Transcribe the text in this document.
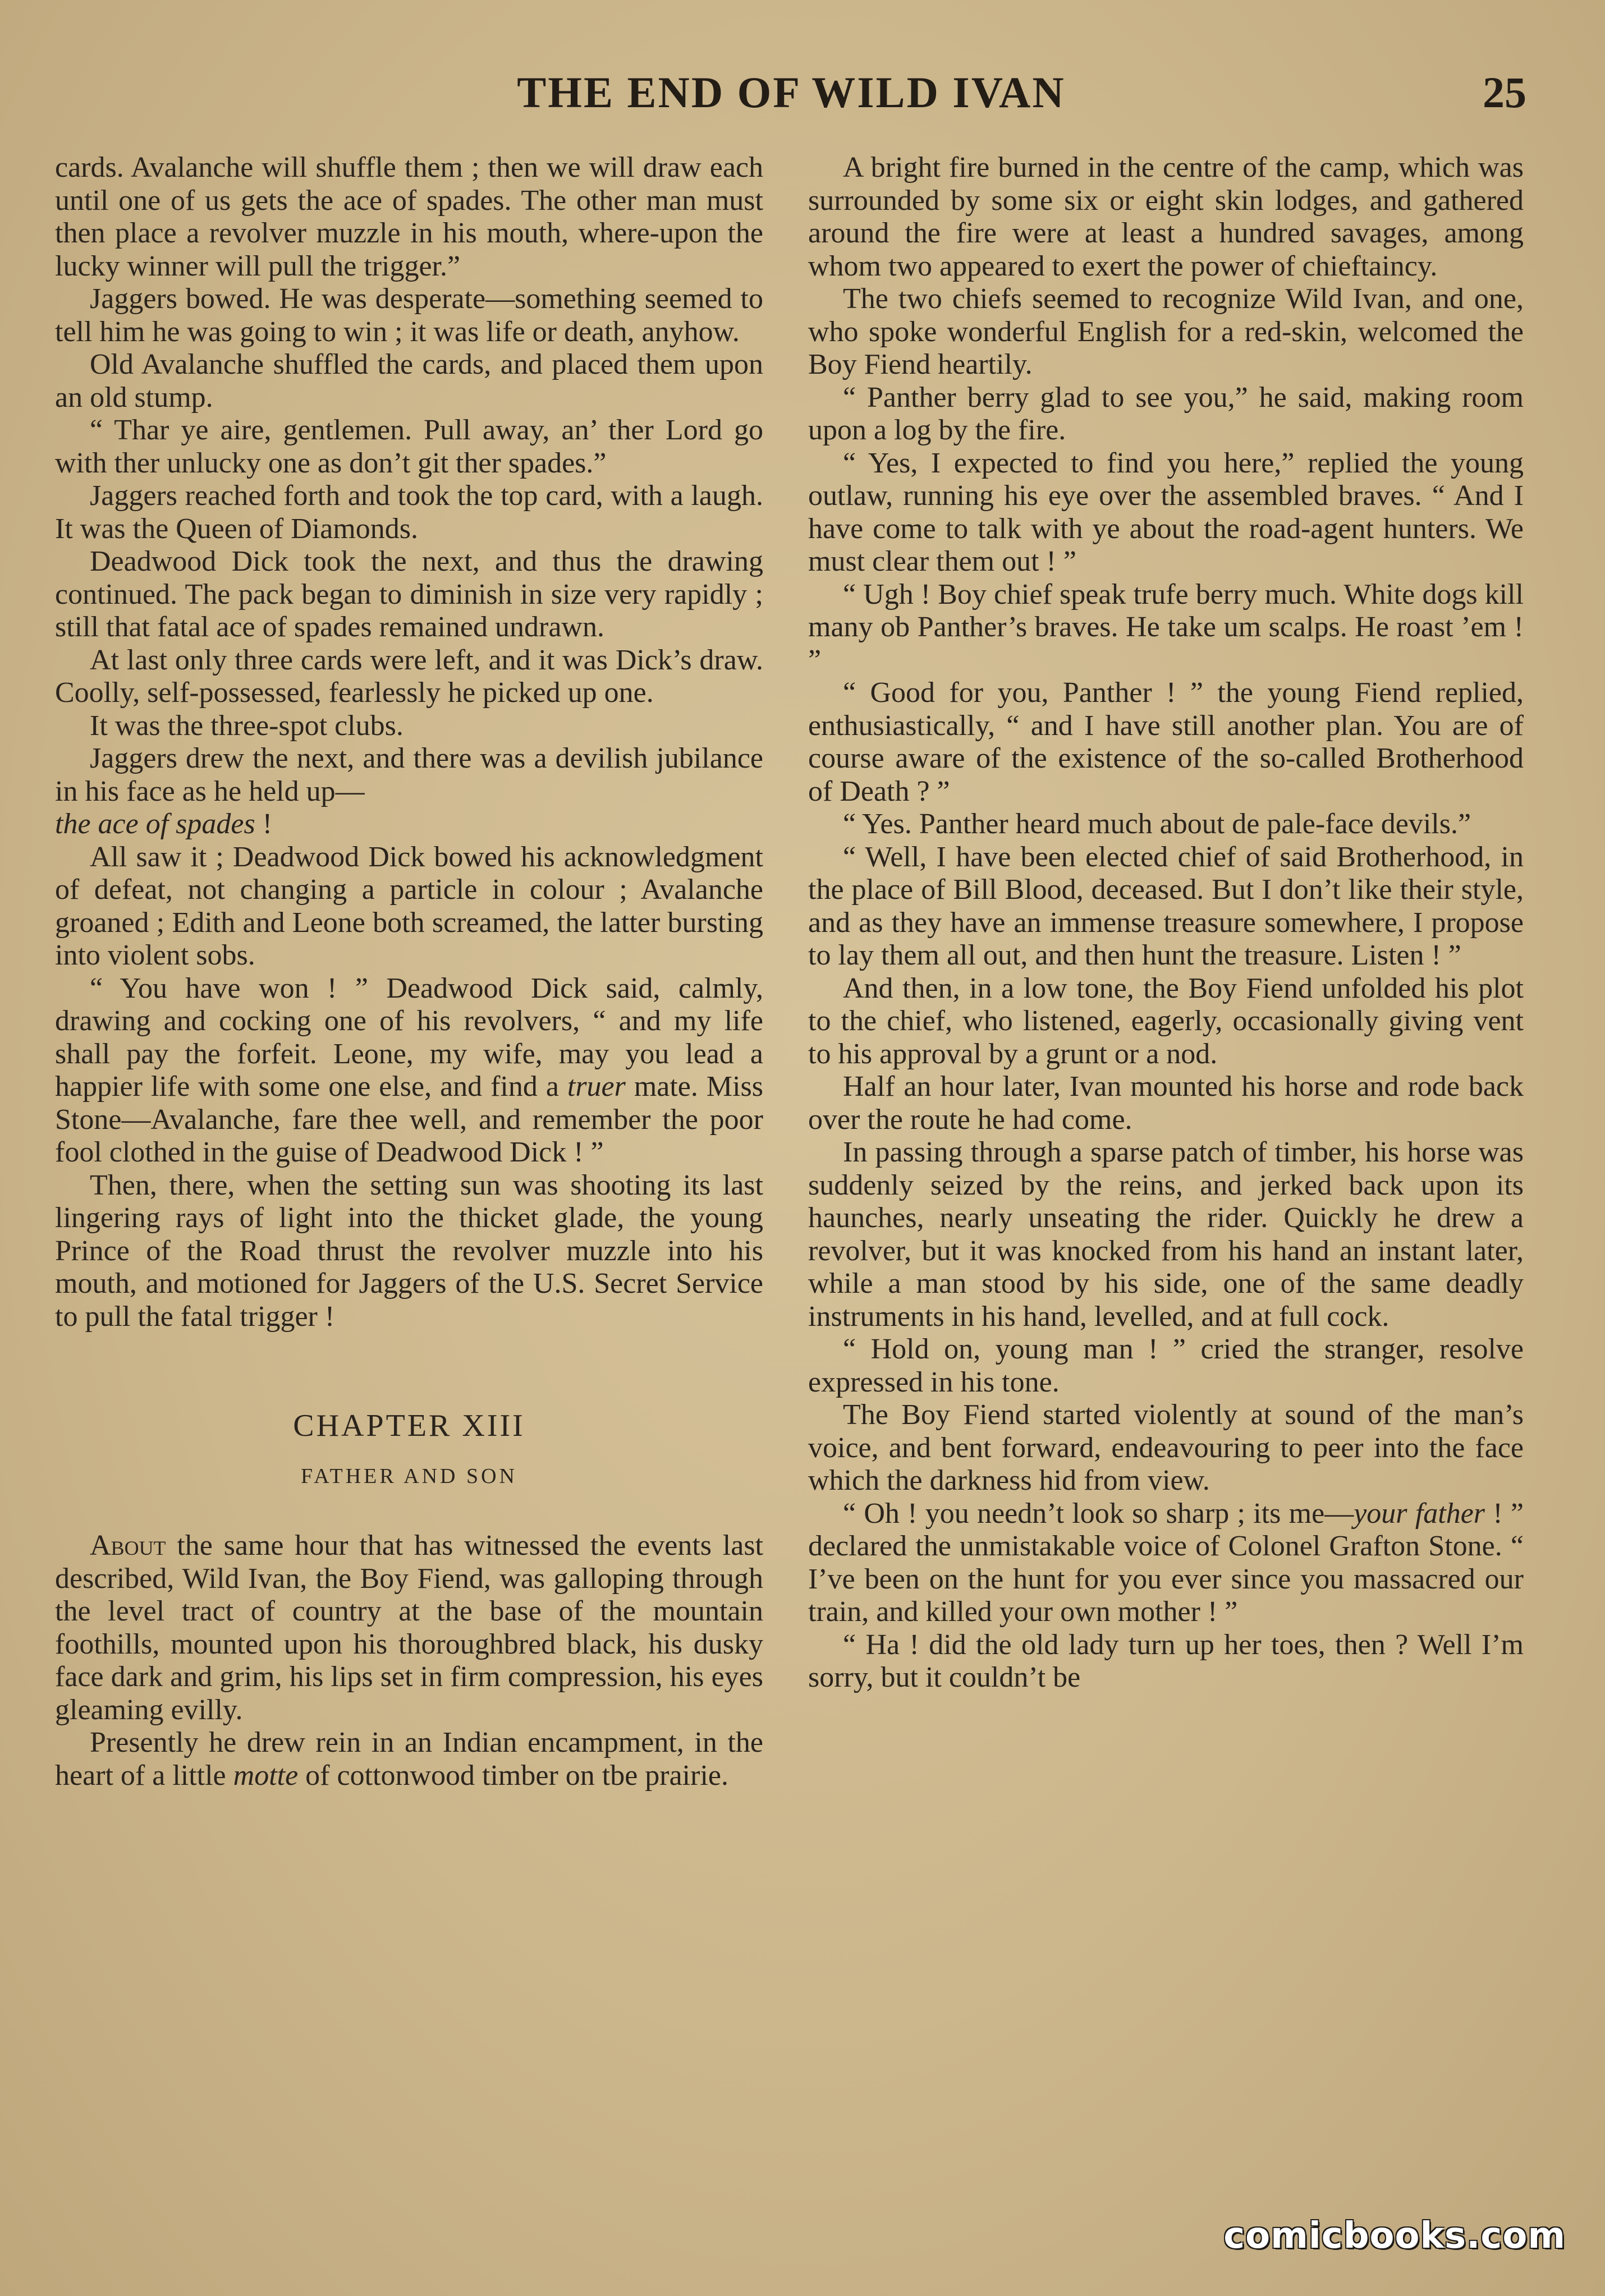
THE END OF WILD IVAN	25

cards. Avalanche will shuffle them ; then we will draw each until one of us gets the ace of spades. The other man must then place a revolver muzzle in his mouth, where-upon the lucky winner will pull the trigger.”

Jaggers bowed. He was desperate—something seemed to tell him he was going to win ; it was life or death, anyhow.

Old Avalanche shuffled the cards, and placed them upon an old stump.

“ Thar ye aire, gentlemen. Pull away, an’ ther Lord go with ther unlucky one as don’t git ther spades.”

Jaggers reached forth and took the top card, with a laugh. It was the Queen of Diamonds.

Deadwood Dick took the next, and thus the drawing continued. The pack began to diminish in size very rapidly ; still that fatal ace of spades remained undrawn.

At last only three cards were left, and it was Dick’s draw. Coolly, self-possessed, fearlessly he picked up one.

It was the three-spot clubs.

Jaggers drew the next, and there was a devilish jubilance in his face as he held up—
the ace of spades !

All saw it ; Deadwood Dick bowed his acknowledgment of defeat, not changing a particle in colour ; Avalanche groaned ; Edith and Leone both screamed, the latter bursting into violent sobs.

“ You have won ! ” Deadwood Dick said, calmly, drawing and cocking one of his revolvers, “ and my life shall pay the forfeit. Leone, my wife, may you lead a happier life with some one else, and find a truer mate. Miss Stone—Avalanche, fare thee well, and remember the poor fool clothed in the guise of Deadwood Dick ! ”

Then, there, when the setting sun was shooting its last lingering rays of light into the thicket glade, the young Prince of the Road thrust the revolver muzzle into his mouth, and motioned for Jaggers of the U.S. Secret Service to pull the fatal trigger !

CHAPTER XIII
FATHER AND SON

About the same hour that has witnessed the events last described, Wild Ivan, the Boy Fiend, was galloping through the level tract of country at the base of the mountain foothills, mounted upon his thoroughbred black, his dusky face dark and grim, his lips set in firm compression, his eyes gleaming evilly.

Presently he drew rein in an Indian encampment, in the heart of a little motte of cottonwood timber on tbe prairie.

A bright fire burned in the centre of the camp, which was surrounded by some six or eight skin lodges, and gathered around the fire were at least a hundred savages, among whom two appeared to exert the power of chieftaincy.

The two chiefs seemed to recognize Wild Ivan, and one, who spoke wonderful English for a red-skin, welcomed the Boy Fiend heartily.

“ Panther berry glad to see you,” he said, making room upon a log by the fire.

“ Yes, I expected to find you here,” replied the young outlaw, running his eye over the assembled braves. “ And I have come to talk with ye about the road-agent hunters. We must clear them out ! ”

“ Ugh ! Boy chief speak trufe berry much. White dogs kill many ob Panther’s braves. He take um scalps. He roast ’em ! ”

“ Good for you, Panther ! ” the young Fiend replied, enthusiastically, “ and I have still another plan. You are of course aware of the existence of the so-called Brotherhood of Death ? ”

“ Yes. Panther heard much about de pale-face devils.”

“ Well, I have been elected chief of said Brotherhood, in the place of Bill Blood, deceased. But I don’t like their style, and as they have an immense treasure somewhere, I propose to lay them all out, and then hunt the treasure. Listen ! ”

And then, in a low tone, the Boy Fiend unfolded his plot to the chief, who listened, eagerly, occasionally giving vent to his approval by a grunt or a nod.

Half an hour later, Ivan mounted his horse and rode back over the route he had come.

In passing through a sparse patch of timber, his horse was suddenly seized by the reins, and jerked back upon its haunches, nearly unseating the rider. Quickly he drew a revolver, but it was knocked from his hand an instant later, while a man stood by his side, one of the same deadly instruments in his hand, levelled, and at full cock.

“ Hold on, young man ! ” cried the stranger, resolve expressed in his tone.

The Boy Fiend started violently at sound of the man’s voice, and bent forward, endeavouring to peer into the face which the darkness hid from view.

“ Oh ! you needn’t look so sharp ; its me—your father ! ” declared the unmistakable voice of Colonel Grafton Stone. “ I’ve been on the hunt for you ever since you massacred our train, and killed your own mother ! ”

“ Ha ! did the old lady turn up her toes, then ? Well I’m sorry, but it couldn’t be

comicbooks.com
